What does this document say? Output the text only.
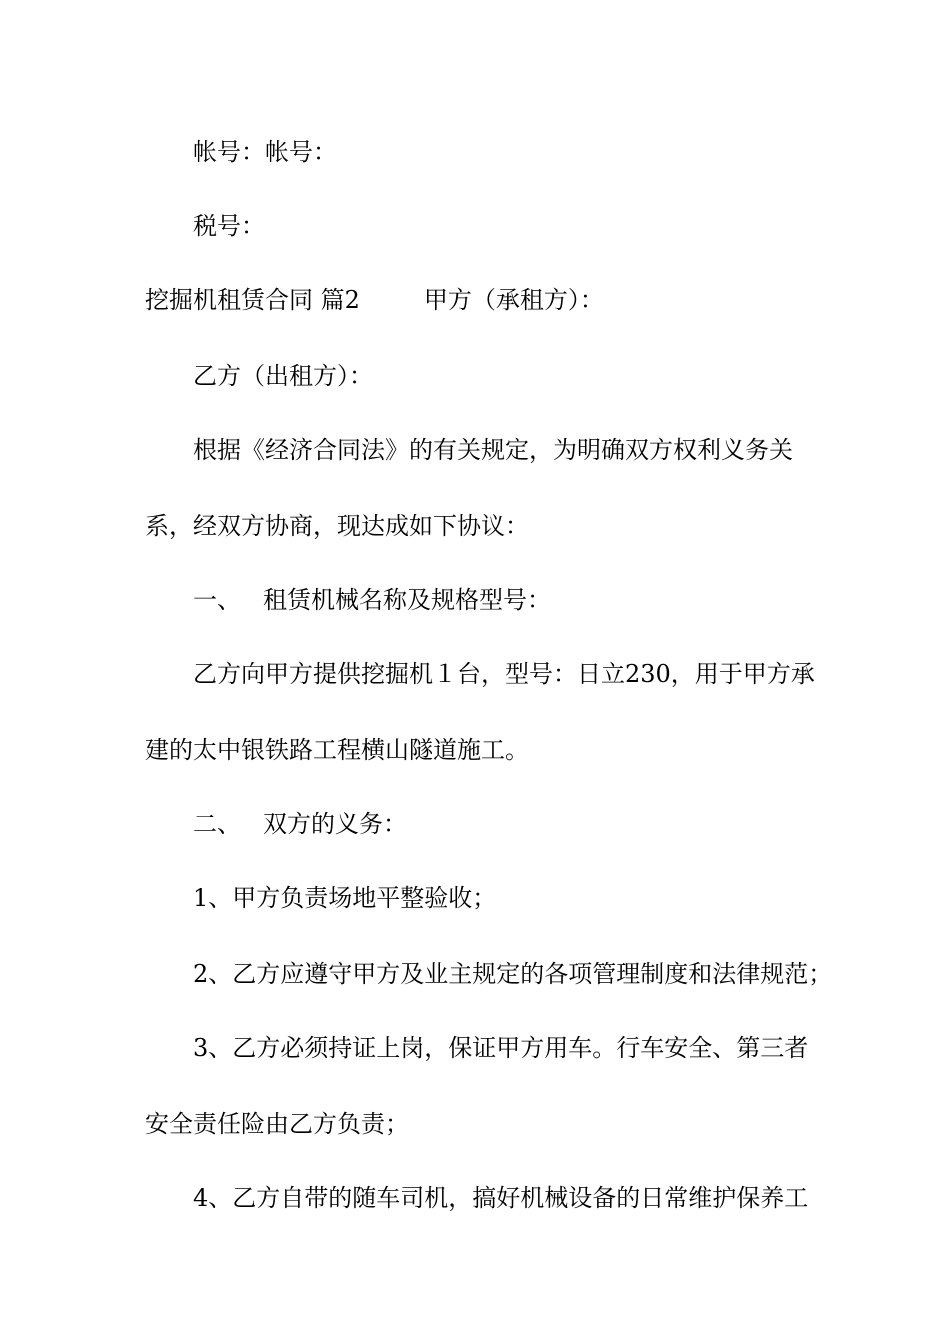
帐号：帐号：

税号：

挖掘机租赁合同 篇2	甲方（承租方）：

乙方（出租方）：

根据《经济合同法》的有关规定，为明确双方权利义务关

系，经双方协商，现达成如下协议：

一、 租赁机械名称及规格型号：

乙方向甲方提供挖掘机１台，型号：日立230，用于甲方承

建的太中银铁路工程横山隧道施工。

二、 双方的义务：

1、甲方负责场地平整验收；

2、乙方应遵守甲方及业主规定的各项管理制度和法律规范；

3、乙方必须持证上岗，保证甲方用车。行车安全、第三者

安全责任险由乙方负责；

4、乙方自带的随车司机，搞好机械设备的日常维护保养工
